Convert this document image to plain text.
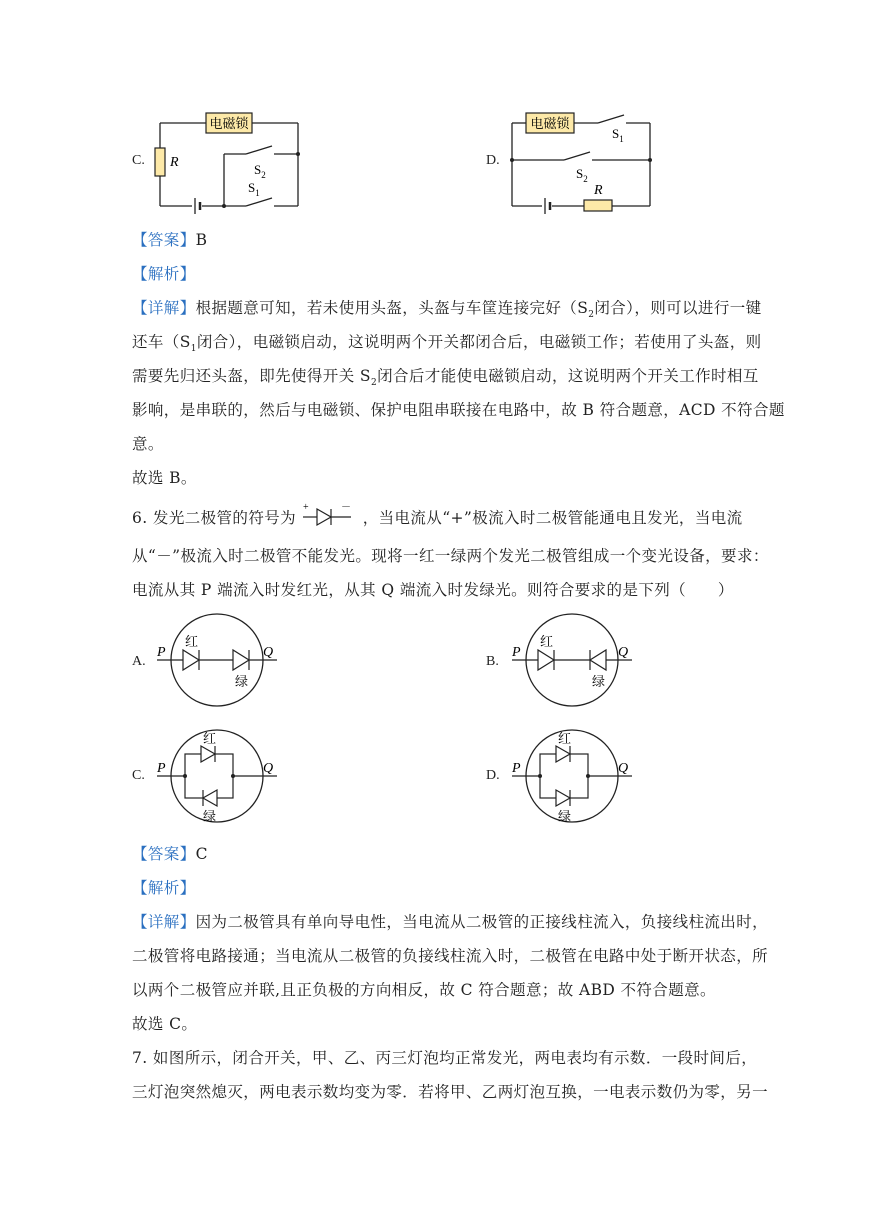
C.
电磁锁
R	$S_2$
$S_1$
D.
电磁锁
R
$S_1$
$S_2$
【答案】B
【解析】
【详解】根据题意可知，若未使用头盔，头盔与车筐连接完好（$S_2$闭合），则可以进行一键
还车（$S_1$闭合），电磁锁启动，这说明两个开关都闭合后，电磁锁工作；若使用了头盔，则
需要先归还头盔，即先使得开关 $S_2$闭合后才能使电磁锁启动，这说明两个开关工作时相互
影响，是串联的，然后与电磁锁、保护电阻串联接在电路中，故 B 符合题意，ACD 不符合题
意。
故选 B。
6. 发光二极管的符号为
+	－
，当电流从“+”极流入时二极管能通电且发光，当电流
从“－”极流入时二极管不能发光。现将一红一绿两个发光二极管组成一个变光设备，要求：
电流从其 P 端流入时发红光，从其 Q 端流入时发绿光。则符合要求的是下列（　　）
A.
P	Q
红
绿
B.
P	Q
红
绿
C. P	Q
红
绿
D. P	Q
红
绿
【答案】C
【解析】
【详解】因为二极管具有单向导电性，当电流从二极管的正接线柱流入，负接线柱流出时，
二极管将电路接通；当电流从二极管的负接线柱流入时，二极管在电路中处于断开状态，所
以两个二极管应并联,且正负极的方向相反，故 C 符合题意；故 ABD 不符合题意。
故选 C。
7. 如图所示，闭合开关，甲、乙、丙三灯泡均正常发光，两电表均有示数．一段时间后，
三灯泡突然熄灭，两电表示数均变为零．若将甲、乙两灯泡互换，一电表示数仍为零，另一
